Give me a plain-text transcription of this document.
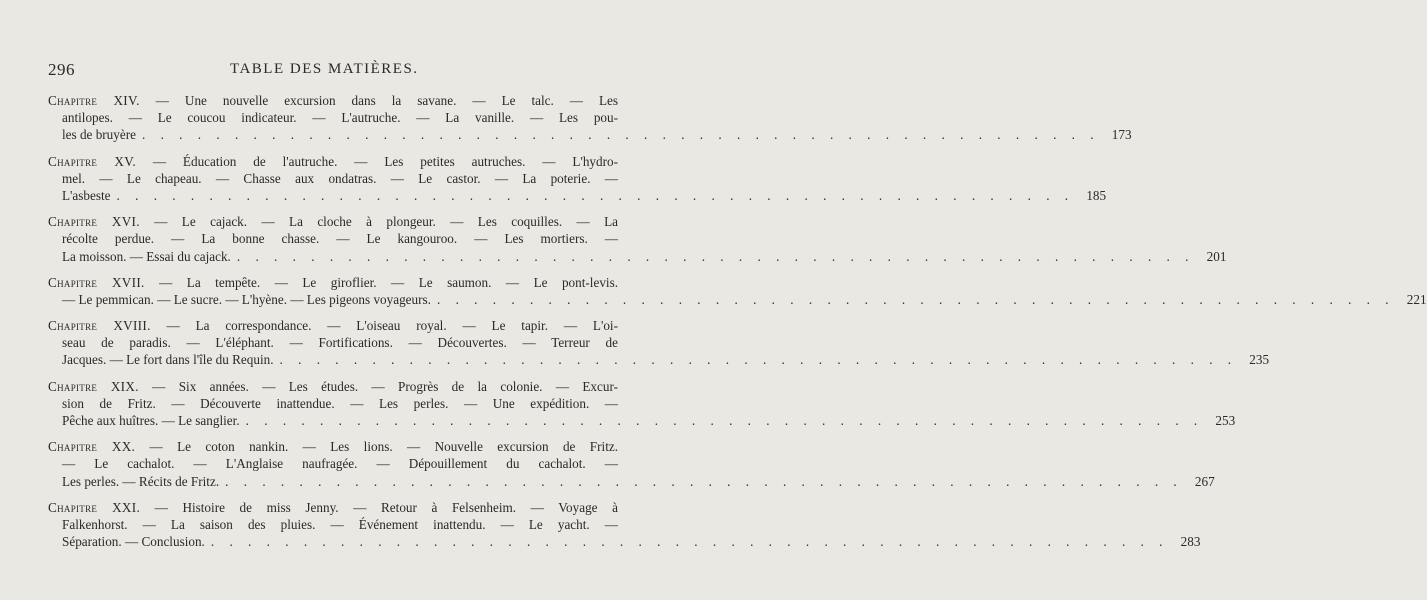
296	TABLE DES MATIÈRES.
Chapitre XIV. — Une nouvelle excursion dans la savane. — Le talc. — Les
antilopes. — Le coucou indicateur. — L'autruche. — La vanille. — Les pou-
les de bruyère . . . . . . . . . . . . . . . . . . . . . . . . . . . . . . . . . . . . . . . . . . . . . . . . . . . . 173
Chapitre XV. — Éducation de l'autruche. — Les petites autruches. — L'hydro-
mel. — Le chapeau. — Chasse aux ondatras. — Le castor. — La poterie. —
L'asbeste . . . . . . . . . . . . . . . . . . . . . . . . . . . . . . . . . . . . . . . . . . . . . . . . . . . . 185
Chapitre XVI. — Le cajack. — La cloche à plongeur. — Les coquilles. — La
récolte perdue. — La bonne chasse. — Le kangouroo. — Les mortiers. —
La moisson. — Essai du cajack. . . . . . . . . . . . . . . . . . . . . . . . . . . . . . . . . . . . . . . . . . . . . . . . . . . . . 201
Chapitre XVII. — La tempête. — Le giroflier. — Le saumon. — Le pont-levis.
— Le pemmican. — Le sucre. — L'hyène. — Les pigeons voyageurs. . . . . . . . . . . . . . . . . . . . . . . . . . . . . . . . . . . . . . . . . . . . . . . . . . . . . 221
Chapitre XVIII. — La correspondance. — L'oiseau royal. — Le tapir. — L'oi-
seau de paradis. — L'éléphant. — Fortifications. — Découvertes. — Terreur de
Jacques. — Le fort dans l'île du Requin. . . . . . . . . . . . . . . . . . . . . . . . . . . . . . . . . . . . . . . . . . . . . . . . . . . . . 235
Chapitre XIX. — Six années. — Les études. — Progrès de la colonie. — Excur-
sion de Fritz. — Découverte inattendue. — Les perles. — Une expédition. —
Pêche aux huîtres. — Le sanglier. . . . . . . . . . . . . . . . . . . . . . . . . . . . . . . . . . . . . . . . . . . . . . . . . . . . . 253
Chapitre XX. — Le coton nankin. — Les lions. — Nouvelle excursion de Fritz.
— Le cachalot. — L'Anglaise naufragée. — Dépouillement du cachalot. —
Les perles. — Récits de Fritz. . . . . . . . . . . . . . . . . . . . . . . . . . . . . . . . . . . . . . . . . . . . . . . . . . . . . 267
Chapitre XXI. — Histoire de miss Jenny. — Retour à Felsenheim. — Voyage à
Falkenhorst. — La saison des pluies. — Événement inattendu. — Le yacht. —
Séparation. — Conclusion. . . . . . . . . . . . . . . . . . . . . . . . . . . . . . . . . . . . . . . . . . . . . . . . . . . . . 283
